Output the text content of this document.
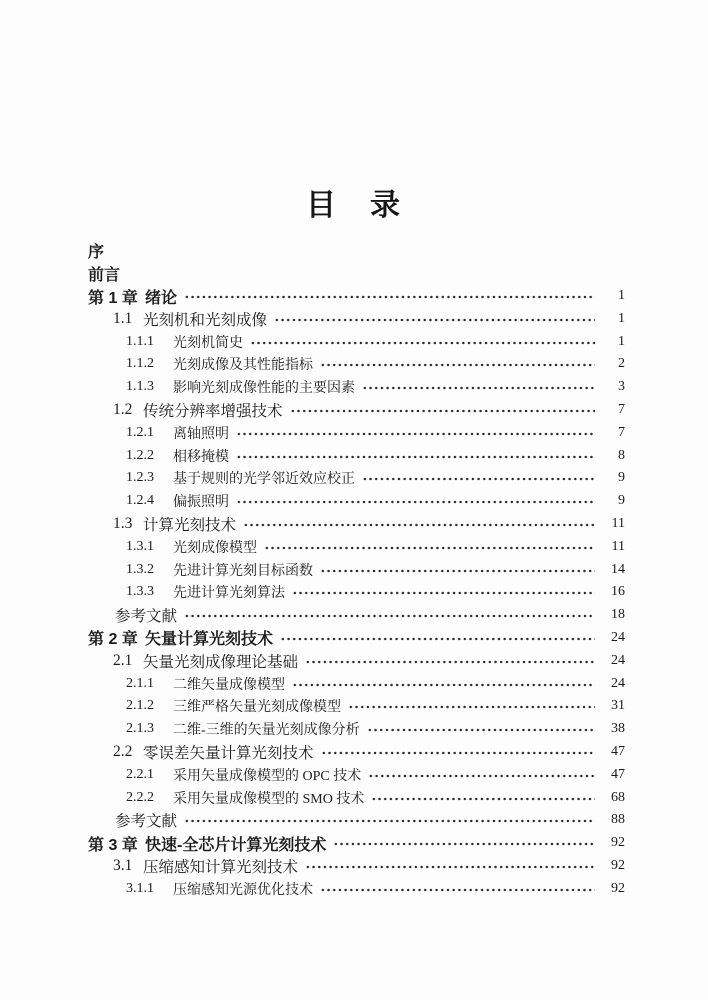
目　录
序
前言
第 1 章 绪论	1
1.1 光刻机和光刻成像	1
1.1.1	光刻机简史	1
1.1.2	光刻成像及其性能指标	2
1.1.3	影响光刻成像性能的主要因素	3
1.2 传统分辨率增强技术	7
1.2.1	离轴照明	7
1.2.2	相移掩模	8
1.2.3	基于规则的光学邻近效应校正	9
1.2.4	偏振照明	9
1.3 计算光刻技术	11
1.3.1	光刻成像模型	11
1.3.2	先进计算光刻目标函数	14
1.3.3	先进计算光刻算法	16
参考文献	18
第 2 章 矢量计算光刻技术	24
2.1 矢量光刻成像理论基础	24
2.1.1	二维矢量成像模型	24
2.1.2	三维严格矢量光刻成像模型	31
2.1.3	二维-三维的矢量光刻成像分析	38
2.2 零误差矢量计算光刻技术	47
2.2.1	采用矢量成像模型的 OPC 技术	47
2.2.2	采用矢量成像模型的 SMO 技术	68
参考文献	88
第 3 章 快速-全芯片计算光刻技术	92
3.1 压缩感知计算光刻技术	92
3.1.1	压缩感知光源优化技术	92
